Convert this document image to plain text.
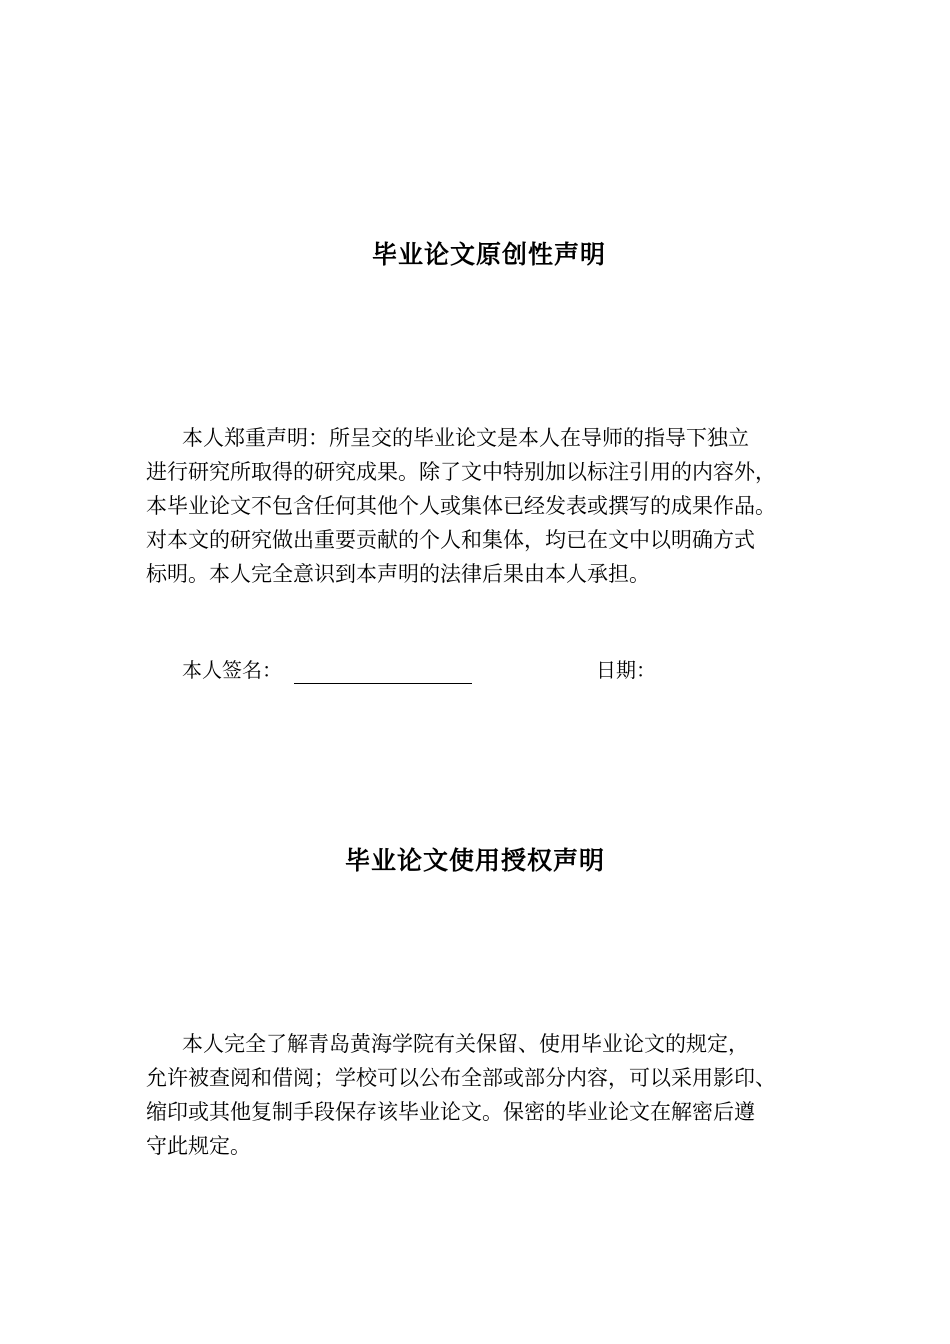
毕业论文原创性声明
本人郑重声明：所呈交的毕业论文是本人在导师的指导下独立
进行研究所取得的研究成果。除了文中特别加以标注引用的内容外，
本毕业论文不包含任何其他个人或集体已经发表或撰写的成果作品。
对本文的研究做出重要贡献的个人和集体，均已在文中以明确方式
标明。本人完全意识到本声明的法律后果由本人承担。
本人签名：	日期：
毕业论文使用授权声明
本人完全了解青岛黄海学院有关保留、使用毕业论文的规定，
允许被查阅和借阅；学校可以公布全部或部分内容，可以采用影印、
缩印或其他复制手段保存该毕业论文。保密的毕业论文在解密后遵
守此规定。
